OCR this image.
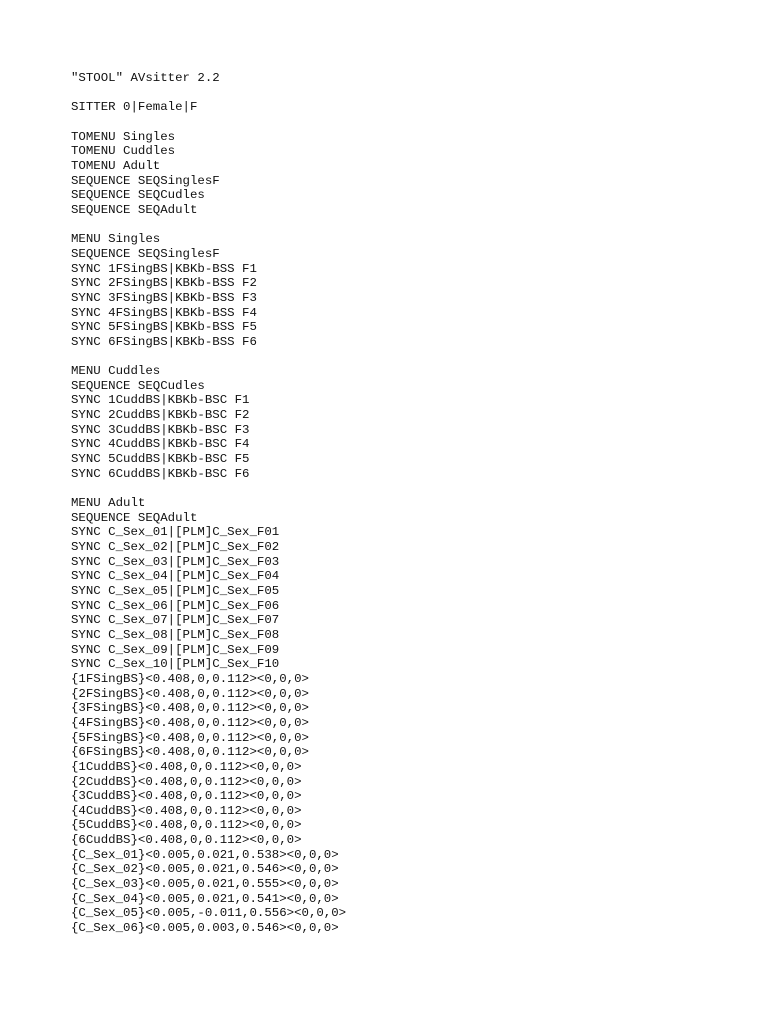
"STOOL" AVsitter 2.2
SITTER 0|Female|F
TOMENU Singles
TOMENU Cuddles
TOMENU Adult
SEQUENCE SEQSinglesF
SEQUENCE SEQCudles
SEQUENCE SEQAdult
MENU Singles
SEQUENCE SEQSinglesF
SYNC 1FSingBS|KBKb-BSS F1
SYNC 2FSingBS|KBKb-BSS F2
SYNC 3FSingBS|KBKb-BSS F3
SYNC 4FSingBS|KBKb-BSS F4
SYNC 5FSingBS|KBKb-BSS F5
SYNC 6FSingBS|KBKb-BSS F6
MENU Cuddles
SEQUENCE SEQCudles
SYNC 1CuddBS|KBKb-BSC F1
SYNC 2CuddBS|KBKb-BSC F2
SYNC 3CuddBS|KBKb-BSC F3
SYNC 4CuddBS|KBKb-BSC F4
SYNC 5CuddBS|KBKb-BSC F5
SYNC 6CuddBS|KBKb-BSC F6
MENU Adult
SEQUENCE SEQAdult
SYNC C_Sex_01|[PLM]C_Sex_F01
SYNC C_Sex_02|[PLM]C_Sex_F02
SYNC C_Sex_03|[PLM]C_Sex_F03
SYNC C_Sex_04|[PLM]C_Sex_F04
SYNC C_Sex_05|[PLM]C_Sex_F05
SYNC C_Sex_06|[PLM]C_Sex_F06
SYNC C_Sex_07|[PLM]C_Sex_F07
SYNC C_Sex_08|[PLM]C_Sex_F08
SYNC C_Sex_09|[PLM]C_Sex_F09
SYNC C_Sex_10|[PLM]C_Sex_F10
{1FSingBS}<0.408,0,0.112><0,0,0>
{2FSingBS}<0.408,0,0.112><0,0,0>
{3FSingBS}<0.408,0,0.112><0,0,0>
{4FSingBS}<0.408,0,0.112><0,0,0>
{5FSingBS}<0.408,0,0.112><0,0,0>
{6FSingBS}<0.408,0,0.112><0,0,0>
{1CuddBS}<0.408,0,0.112><0,0,0>
{2CuddBS}<0.408,0,0.112><0,0,0>
{3CuddBS}<0.408,0,0.112><0,0,0>
{4CuddBS}<0.408,0,0.112><0,0,0>
{5CuddBS}<0.408,0,0.112><0,0,0>
{6CuddBS}<0.408,0,0.112><0,0,0>
{C_Sex_01}<0.005,0.021,0.538><0,0,0>
{C_Sex_02}<0.005,0.021,0.546><0,0,0>
{C_Sex_03}<0.005,0.021,0.555><0,0,0>
{C_Sex_04}<0.005,0.021,0.541><0,0,0>
{C_Sex_05}<0.005,-0.011,0.556><0,0,0>
{C_Sex_06}<0.005,0.003,0.546><0,0,0>
